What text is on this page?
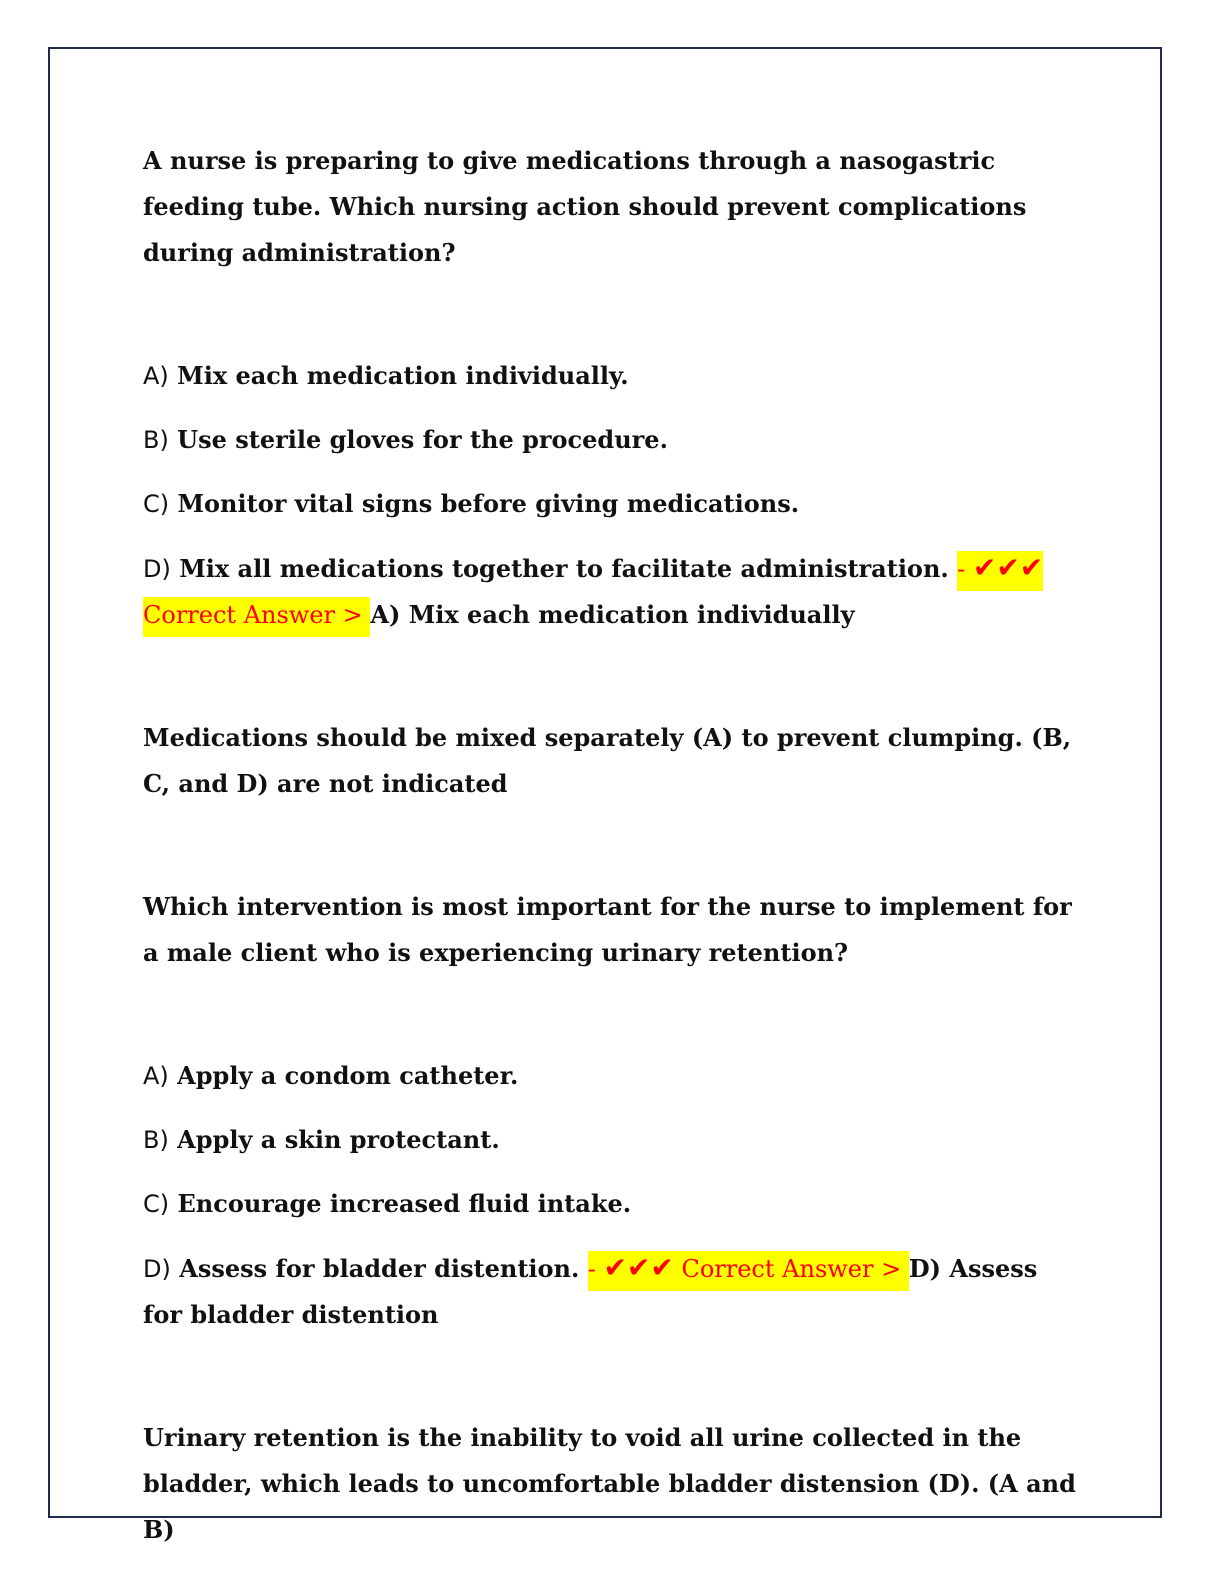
A nurse is preparing to give medications through a nasogastric feeding tube. Which nursing action should prevent complications during administration?

A) Mix each medication individually.

B) Use sterile gloves for the procedure.

C) Monitor vital signs before giving medications.

D) Mix all medications together to facilitate administration. - ✔✔✔ Correct Answer > A) Mix each medication individually

Medications should be mixed separately (A) to prevent clumping. (B, C, and D) are not indicated

Which intervention is most important for the nurse to implement for a male client who is experiencing urinary retention?

A) Apply a condom catheter.

B) Apply a skin protectant.

C) Encourage increased fluid intake.

D) Assess for bladder distention. - ✔✔✔ Correct Answer > D) Assess for bladder distention

Urinary retention is the inability to void all urine collected in the bladder, which leads to uncomfortable bladder distension (D). (A and B)
